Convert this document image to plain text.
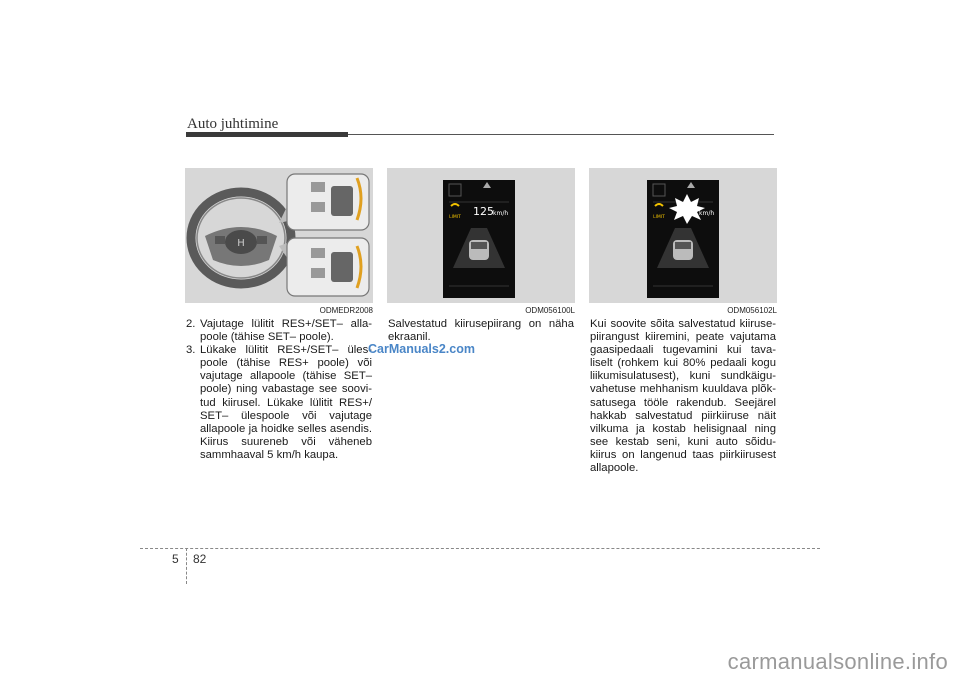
Auto juhtimine
H
ODMEDR2008
LIMIT 125 km/h
ODM056100L
LIMIT
km/h
ODM056102L
2. Vajutage lülitit RES+/SET– alla-poole (tähise SET– poole).
3. Lükake lülitit RES+/SET– üles-poole (tähise RES+ poole) või vajutage allapoole (tähise SET– poole) ning vabastage see soovi-tud kiirusel. Lükake lülitit RES+/ SET– ülespoole või vajutage allapoole ja hoidke selles asendis. Kiirus suureneb või väheneb sammhaaval 5 km/h kaupa.

Salvestatud kiirusepiirang on näha ekraanil.

Kui soovite sõita salvestatud kiiruse-piirangust kiiremini, peate vajutama gaasipedaali tugevamini kui tava-liselt (rohkem kui 80% pedaali kogu liikumisulatusest), kuni sundkäigu-vahetuse mehhanism kuuldava plõk-satusega tööle rakendub. Seejärel hakkab salvestatud piirkiiruse näit vilkuma ja kostab helisignaal ning see kestab seni, kuni auto sõidu-kiirus on langenud taas piirkiirusest allapoole.

CarManuals2.com
5 82
carmanualsonline.info
